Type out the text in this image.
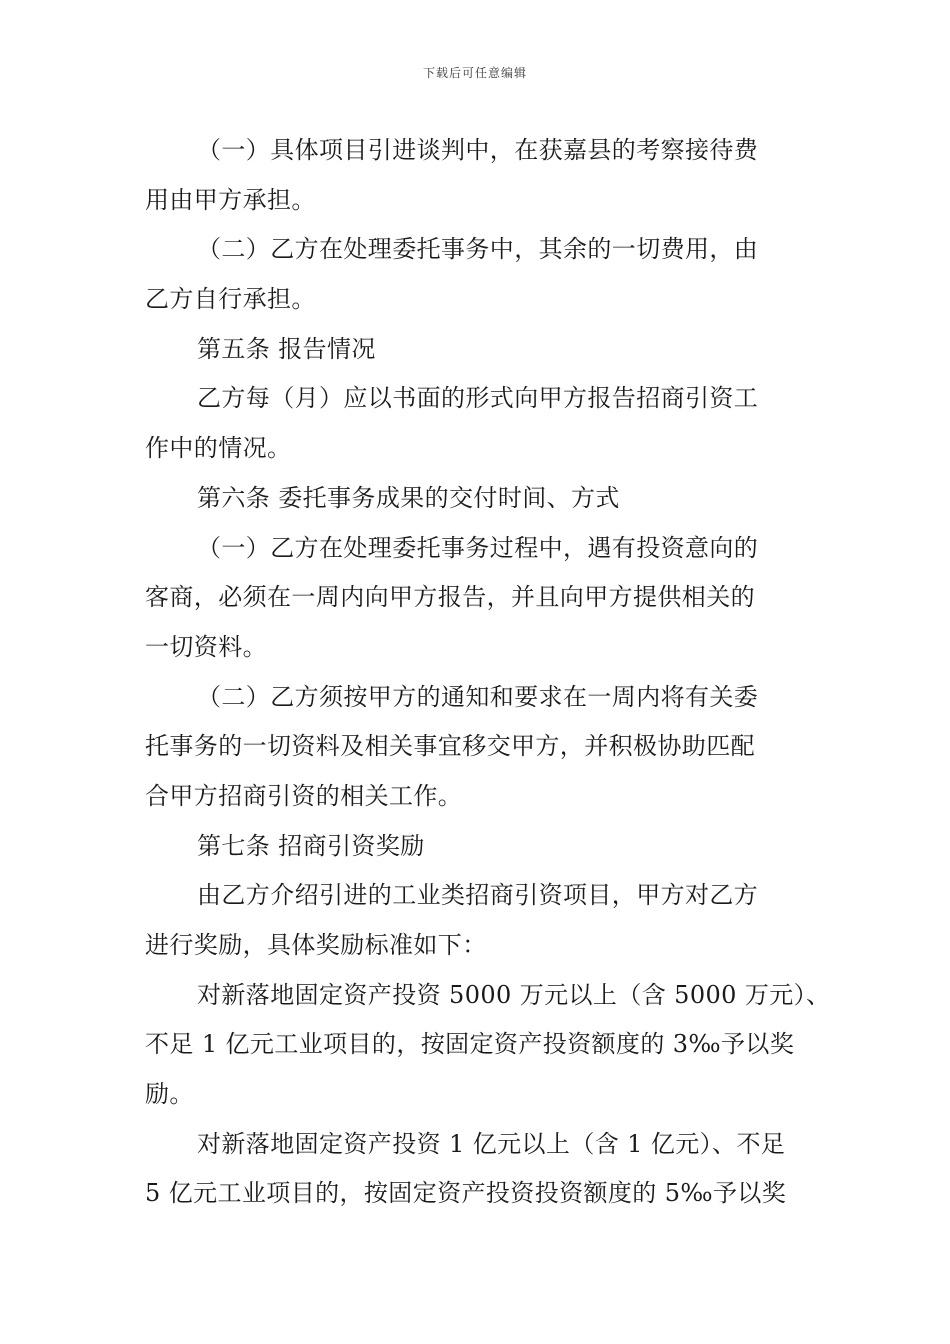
下载后可任意编辑
（一）具体项目引进谈判中，在获嘉县的考察接待费
用由甲方承担。
（二）乙方在处理委托事务中，其余的一切费用，由
乙方自行承担。
第五条 报告情况
乙方每（月）应以书面的形式向甲方报告招商引资工
作中的情况。
第六条 委托事务成果的交付时间、方式
（一）乙方在处理委托事务过程中，遇有投资意向的
客商，必须在一周内向甲方报告，并且向甲方提供相关的
一切资料。
（二）乙方须按甲方的通知和要求在一周内将有关委
托事务的一切资料及相关事宜移交甲方，并积极协助匹配
合甲方招商引资的相关工作。
第七条 招商引资奖励
由乙方介绍引进的工业类招商引资项目，甲方对乙方
进行奖励，具体奖励标准如下：
对新落地固定资产投资 5000 万元以上（含 5000 万元）、
不足 1 亿元工业项目的，按固定资产投资额度的 3‰予以奖
励。
对新落地固定资产投资 1 亿元以上（含 1 亿元）、不足
5 亿元工业项目的，按固定资产投资投资额度的 5‰予以奖
